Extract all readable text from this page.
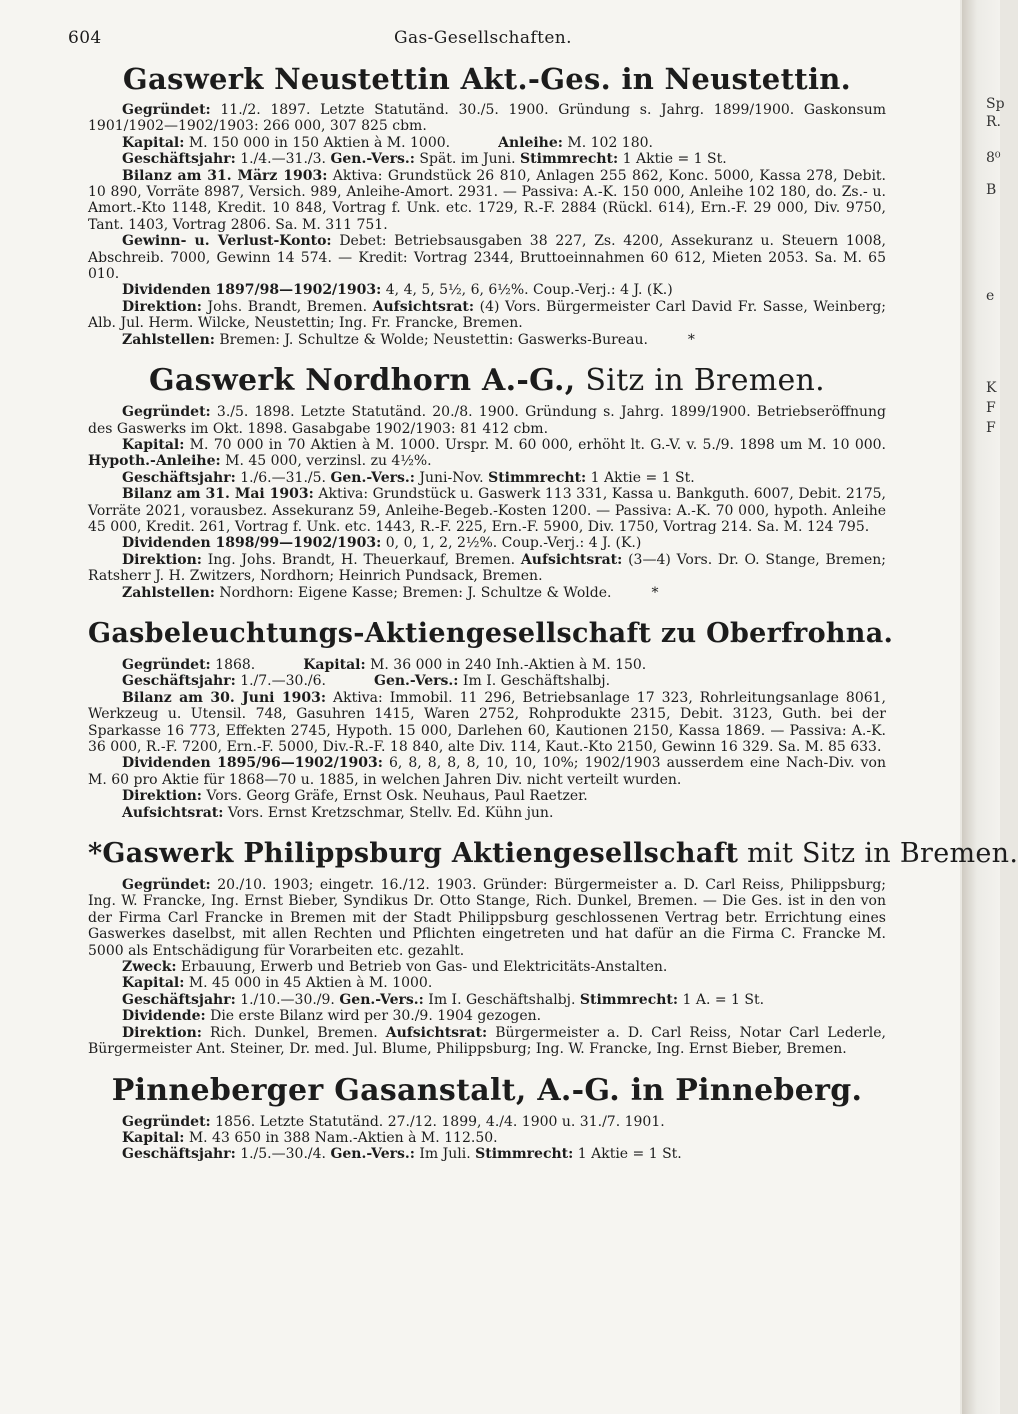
Sp
R.
8⁰
B
e
K
F
F
604	Gas-Gesellschaften.
Gaswerk Neustettin Akt.-Ges. in Neustettin.

Gegründet: 11./2. 1897. Letzte Statutänd. 30./5. 1900. Gründung s. Jahrg. 1899/1900. Gaskonsum 1901/1902—1902/1903: 266 000, 307 825 cbm.

Kapital: M. 150 000 in 150 Aktien à M. 1000.	Anleihe: M. 102 180.

Geschäftsjahr: 1./4.—31./3. Gen.-Vers.: Spät. im Juni. Stimmrecht: 1 Aktie = 1 St.

Bilanz am 31. März 1903: Aktiva: Grundstück 26 810, Anlagen 255 862, Konc. 5000, Kassa 278, Debit. 10 890, Vorräte 8987, Versich. 989, Anleihe-Amort. 2931. — Passiva: A.-K. 150 000, Anleihe 102 180, do. Zs.- u. Amort.-Kto 1148, Kredit. 10 848, Vortrag f. Unk. etc. 1729, R.-F. 2884 (Rückl. 614), Ern.-F. 29 000, Div. 9750, Tant. 1403, Vortrag 2806. Sa. M. 311 751.

Gewinn- u. Verlust-Konto: Debet: Betriebsausgaben 38 227, Zs. 4200, Assekuranz u. Steuern 1008, Abschreib. 7000, Gewinn 14 574. — Kredit: Vortrag 2344, Bruttoeinnahmen 60 612, Mieten 2053. Sa. M. 65 010.

Dividenden 1897/98—1902/1903: 4, 4, 5, 5½, 6, 6½%. Coup.-Verj.: 4 J. (K.)

Direktion: Johs. Brandt, Bremen. Aufsichtsrat: (4) Vors. Bürgermeister Carl David Fr. Sasse, Weinberg; Alb. Jul. Herm. Wilcke, Neustettin; Ing. Fr. Francke, Bremen.

Zahlstellen: Bremen: J. Schultze & Wolde; Neustettin: Gaswerks-Bureau.	*

Gaswerk Nordhorn A.-G., Sitz in Bremen.

Gegründet: 3./5. 1898. Letzte Statutänd. 20./8. 1900. Gründung s. Jahrg. 1899/1900. Betriebseröffnung des Gaswerks im Okt. 1898. Gasabgabe 1902/1903: 81 412 cbm.

Kapital: M. 70 000 in 70 Aktien à M. 1000. Urspr. M. 60 000, erhöht lt. G.-V. v. 5./9. 1898 um M. 10 000. Hypoth.-Anleihe: M. 45 000, verzinsl. zu 4½%.

Geschäftsjahr: 1./6.—31./5. Gen.-Vers.: Juni-Nov. Stimmrecht: 1 Aktie = 1 St.

Bilanz am 31. Mai 1903: Aktiva: Grundstück u. Gaswerk 113 331, Kassa u. Bankguth. 6007, Debit. 2175, Vorräte 2021, vorausbez. Assekuranz 59, Anleihe-Begeb.-Kosten 1200. — Passiva: A.-K. 70 000, hypoth. Anleihe 45 000, Kredit. 261, Vortrag f. Unk. etc. 1443, R.-F. 225, Ern.-F. 5900, Div. 1750, Vortrag 214. Sa. M. 124 795.

Dividenden 1898/99—1902/1903: 0, 0, 1, 2, 2½%. Coup.-Verj.: 4 J. (K.)

Direktion: Ing. Johs. Brandt, H. Theuerkauf, Bremen. Aufsichtsrat: (3—4) Vors. Dr. O. Stange, Bremen; Ratsherr J. H. Zwitzers, Nordhorn; Heinrich Pundsack, Bremen.

Zahlstellen: Nordhorn: Eigene Kasse; Bremen: J. Schultze & Wolde.	*

Gasbeleuchtungs-Aktiengesellschaft zu Oberfrohna.

Gegründet: 1868.	Kapital: M. 36 000 in 240 Inh.-Aktien à M. 150.

Geschäftsjahr: 1./7.—30./6.	Gen.-Vers.: Im I. Geschäftshalbj.

Bilanz am 30. Juni 1903: Aktiva: Immobil. 11 296, Betriebsanlage 17 323, Rohrleitungsanlage 8061, Werkzeug u. Utensil. 748, Gasuhren 1415, Waren 2752, Rohprodukte 2315, Debit. 3123, Guth. bei der Sparkasse 16 773, Effekten 2745, Hypoth. 15 000, Darlehen 60, Kautionen 2150, Kassa 1869. — Passiva: A.-K. 36 000, R.-F. 7200, Ern.-F. 5000, Div.-R.-F. 18 840, alte Div. 114, Kaut.-Kto 2150, Gewinn 16 329. Sa. M. 85 633.

Dividenden 1895/96—1902/1903: 6, 8, 8, 8, 8, 10, 10, 10%; 1902/1903 ausserdem eine Nach-Div. von M. 60 pro Aktie für 1868—70 u. 1885, in welchen Jahren Div. nicht verteilt wurden.

Direktion: Vors. Georg Gräfe, Ernst Osk. Neuhaus, Paul Raetzer.

Aufsichtsrat: Vors. Ernst Kretzschmar, Stellv. Ed. Kühn jun.

*Gaswerk Philippsburg Aktiengesellschaft mit Sitz in Bremen.

Gegründet: 20./10. 1903; eingetr. 16./12. 1903. Gründer: Bürgermeister a. D. Carl Reiss, Philippsburg; Ing. W. Francke, Ing. Ernst Bieber, Syndikus Dr. Otto Stange, Rich. Dunkel, Bremen. — Die Ges. ist in den von der Firma Carl Francke in Bremen mit der Stadt Philippsburg geschlossenen Vertrag betr. Errichtung eines Gaswerkes daselbst, mit allen Rechten und Pflichten eingetreten und hat dafür an die Firma C. Francke M. 5000 als Entschädigung für Vorarbeiten etc. gezahlt.

Zweck: Erbauung, Erwerb und Betrieb von Gas- und Elektricitäts-Anstalten.

Kapital: M. 45 000 in 45 Aktien à M. 1000.

Geschäftsjahr: 1./10.—30./9. Gen.-Vers.: Im I. Geschäftshalbj. Stimmrecht: 1 A. = 1 St.

Dividende: Die erste Bilanz wird per 30./9. 1904 gezogen.

Direktion: Rich. Dunkel, Bremen. Aufsichtsrat: Bürgermeister a. D. Carl Reiss, Notar Carl Lederle, Bürgermeister Ant. Steiner, Dr. med. Jul. Blume, Philippsburg; Ing. W. Francke, Ing. Ernst Bieber, Bremen.

Pinneberger Gasanstalt, A.-G. in Pinneberg.

Gegründet: 1856. Letzte Statutänd. 27./12. 1899, 4./4. 1900 u. 31./7. 1901.

Kapital: M. 43 650 in 388 Nam.-Aktien à M. 112.50.

Geschäftsjahr: 1./5.—30./4. Gen.-Vers.: Im Juli. Stimmrecht: 1 Aktie = 1 St.
